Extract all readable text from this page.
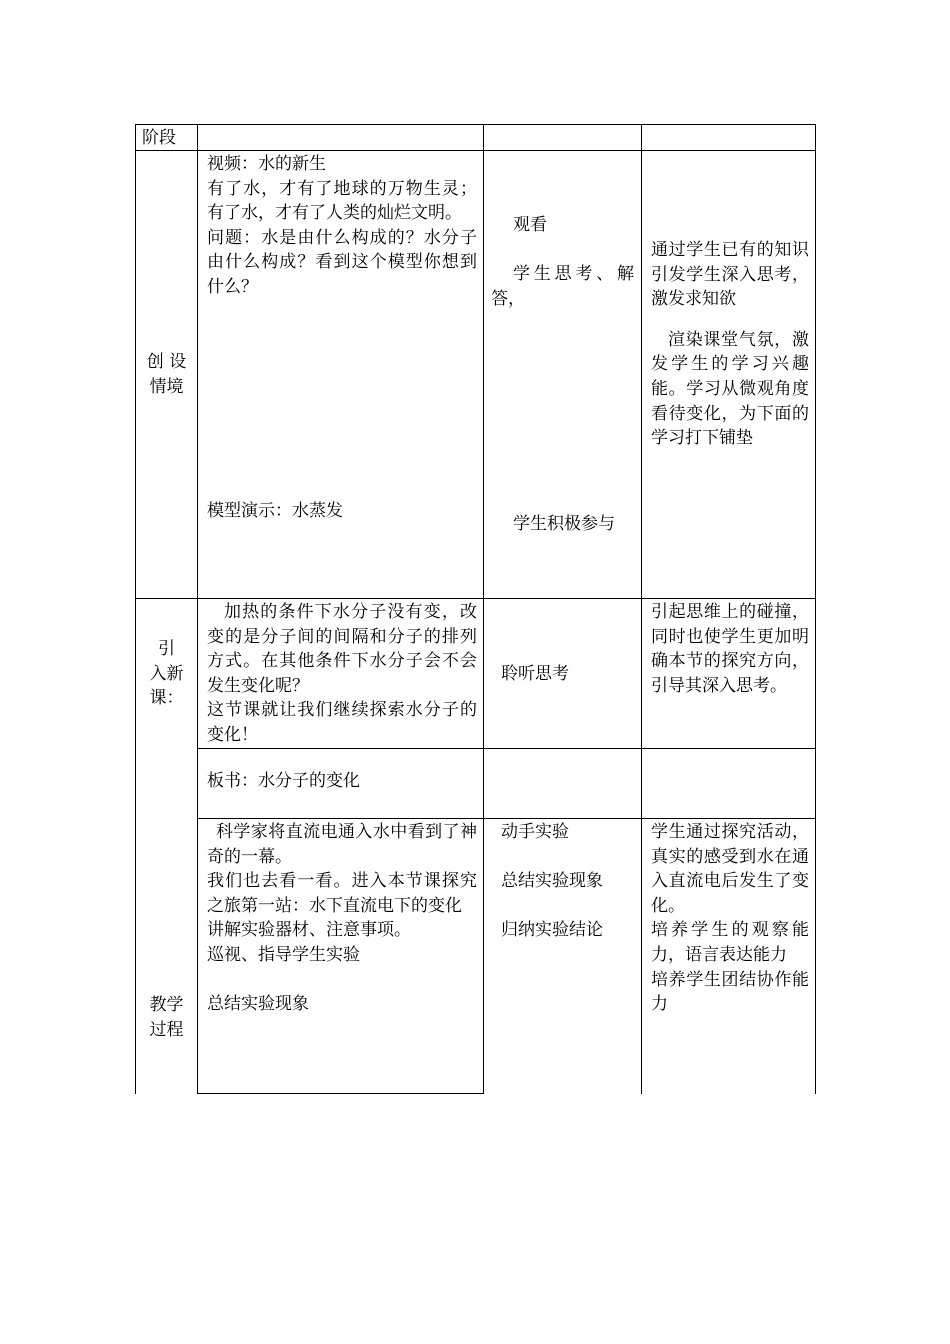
阶段

创 设

情境

视频：水的新生

有了水，才有了地球的万物生灵；有了水，才有了人类的灿烂文明。

问题：水是由什么构成的？水分子由什么构成？看到这个模型你想到什么？

模型演示：水蒸发

观看

学生思考、解答，

学生积极参与

通过学生已有的知识引发学生深入思考，激发求知欲

渲染课堂气氛，激发学生的学习兴趣能。学习从微观角度看待变化，为下面的学习打下铺垫

引

入新

课：

加热的条件下水分子没有变，改变的是分子间的间隔和分子的排列方式。在其他条件下水分子会不会发生变化呢？

这节课就让我们继续探索水分子的变化！

聆听思考

引起思维上的碰撞，同时也使学生更加明确本节的探究方向，引导其深入思考。

板书：水分子的变化

教学

过程

科学家将直流电通入水中看到了神奇的一幕。

我们也去看一看。进入本节课探究之旅第一站：水下直流电下的变化

讲解实验器材、注意事项。

巡视、指导学生实验

总结实验现象

动手实验

总结实验现象

归纳实验结论

学生通过探究活动，真实的感受到水在通入直流电后发生了变化。

培养学生的观察能力，语言表达能力

培养学生团结协作能力
